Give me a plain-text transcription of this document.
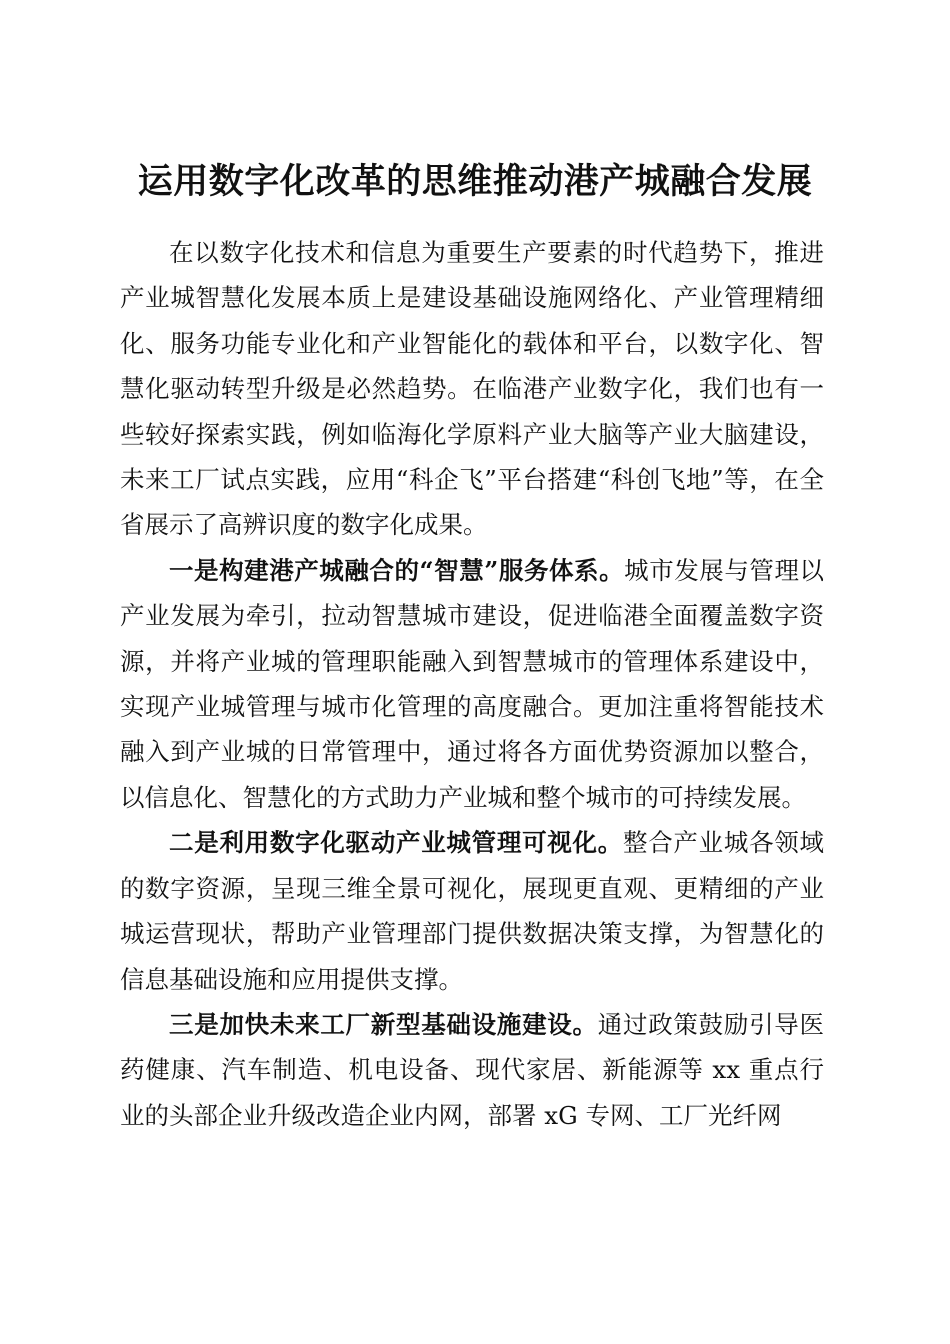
运用数字化改革的思维推动港产城融合发展

在以数字化技术和信息为重要生产要素的时代趋势下，推进产业城智慧化发展本质上是建设基础设施网络化、产业管理精细化、服务功能专业化和产业智能化的载体和平台，以数字化、智慧化驱动转型升级是必然趋势。在临港产业数字化，我们也有一些较好探索实践，例如临海化学原料产业大脑等产业大脑建设，未来工厂试点实践，应用“科企飞”平台搭建“科创飞地”等，在全省展示了高辨识度的数字化成果。

一是构建港产城融合的“智慧”服务体系。城市发展与管理以产业发展为牵引，拉动智慧城市建设，促进临港全面覆盖数字资源，并将产业城的管理职能融入到智慧城市的管理体系建设中，实现产业城管理与城市化管理的高度融合。更加注重将智能技术融入到产业城的日常管理中，通过将各方面优势资源加以整合，以信息化、智慧化的方式助力产业城和整个城市的可持续发展。

二是利用数字化驱动产业城管理可视化。整合产业城各领域的数字资源，呈现三维全景可视化，展现更直观、更精细的产业城运营现状，帮助产业管理部门提供数据决策支撑，为智慧化的信息基础设施和应用提供支撑。

三是加快未来工厂新型基础设施建设。通过政策鼓励引导医药健康、汽车制造、机电设备、现代家居、新能源等 xx 重点行业的头部企业升级改造企业内网，部署 xG 专网、工厂光纤网
